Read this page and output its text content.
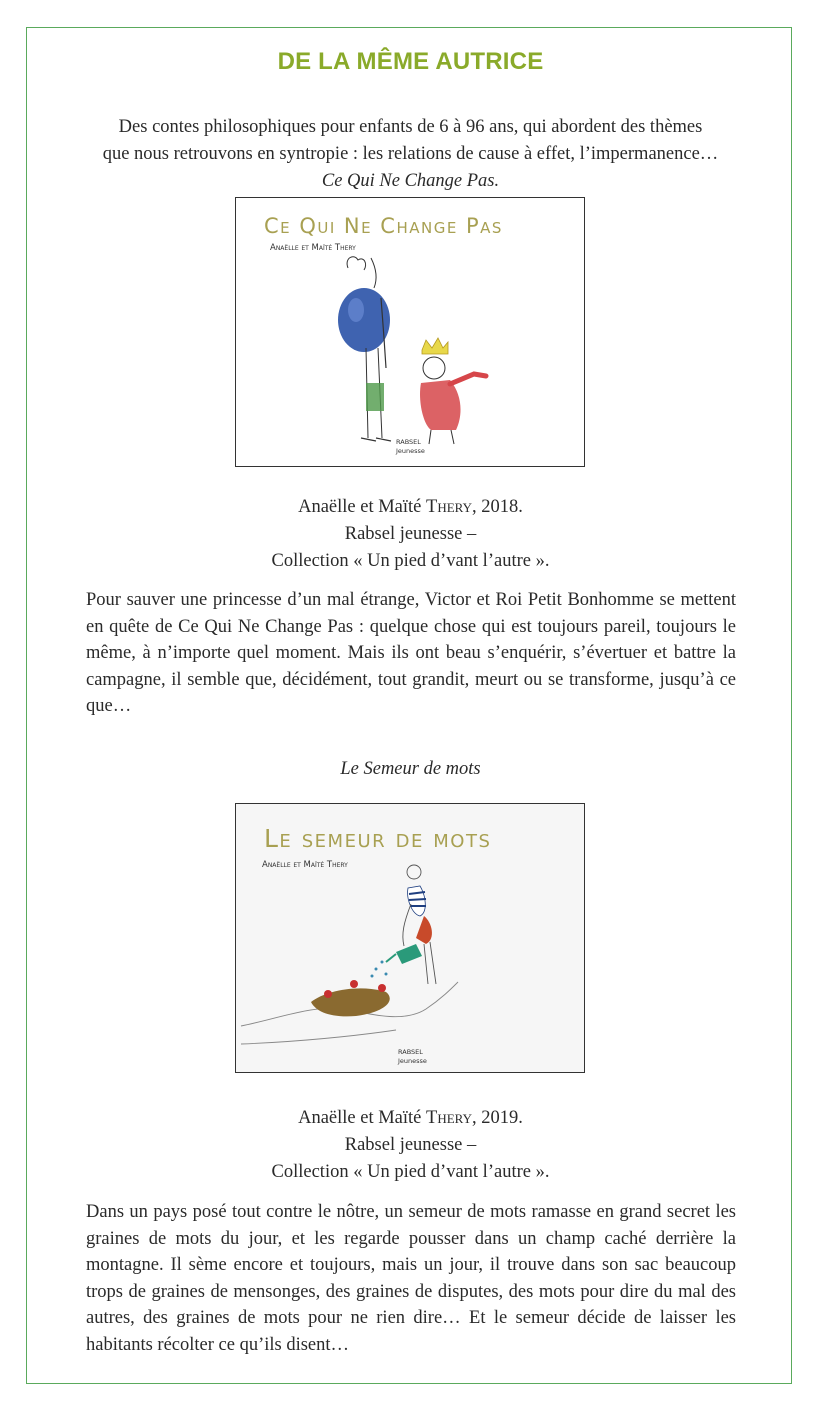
DE LA MÊME AUTRICE
Des contes philosophiques pour enfants de 6 à 96 ans, qui abordent des thèmes
que nous retrouvons en syntropie : les relations de cause à effet, l’impermanence…
Ce Qui Ne Change Pas.
Ce Qui Ne Change Pas
Anaëlle et Maïté Thery
RABSEL
Jeunesse
Anaëlle et Maïté Thery, 2018.
Rabsel jeunesse –
Collection « Un pied d’vant l’autre ».
Pour sauver une princesse d’un mal étrange, Victor et Roi Petit Bonhomme se mettent en quête de Ce Qui Ne Change Pas : quelque chose qui est toujours pareil, toujours le même, à n’importe quel moment. Mais ils ont beau s’enquérir, s’évertuer et battre la campagne, il semble que, décidément, tout grandit, meurt ou se transforme, jusqu’à ce que…
Le Semeur de mots
Le semeur de mots
Anaëlle et Maïté Thery
RABSEL
Jeunesse
Anaëlle et Maïté Thery, 2019.
Rabsel jeunesse –
Collection « Un pied d’vant l’autre ».
Dans un pays posé tout contre le nôtre, un semeur de mots ramasse en grand secret les graines de mots du jour, et les regarde pousser dans un champ caché derrière la montagne. Il sème encore et toujours, mais un jour, il trouve dans son sac beaucoup trops de graines de mensonges, des graines de disputes, des mots pour dire du mal des autres, des graines de mots pour ne rien dire… Et le semeur décide de laisser les habitants récolter ce qu’ils disent…
